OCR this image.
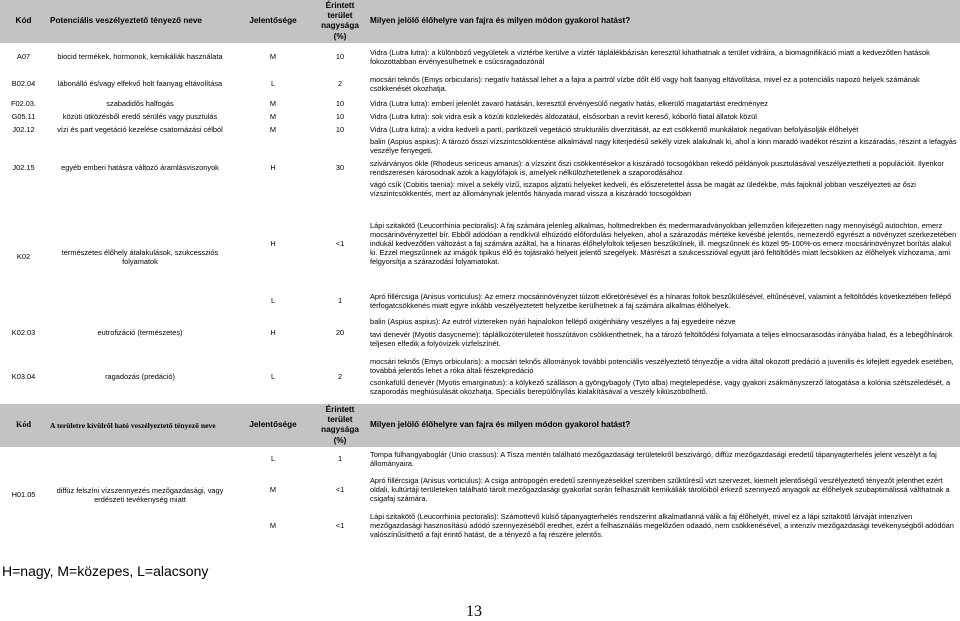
Kód	Potenciális veszélyeztető tényező neve	Jelentősége	Érintett
terület
nagysága (%)	Milyen jelölő élőhelyre van fajra és milyen módon gyakorol hatást?
A07	biocid termékek, hormonok, kemikáliák használata	M	10	Vidra (Lutra lutra): a különböző vegyületek a víztérbe kerülve a víztér táplálékbázisán keresztül kihathatnak a terület vidráira, a biomagnifikáció miatt a kedvezőtlen hatások fokozottabban érvényesülhetnek e csúcsragadozónál
B02.04	lábonálló és/vagy elfekvő holt faanyag eltávolítása	L	2	mocsári teknős (Emys orbicularis): negatív hatással lehet a a fajra a partról vízbe dőlt élő vagy holt faanyag eltávolítása, mivel ez a potenciális napozó helyek számának csökkenését okozhatja.
F02.03.	szabadidős halfogás	M	10	Vidra (Lutra lutra): emberi jelenlét zavaró hatásán, keresztül érvényesülő negatív hatás, elkerülő magatartást eredményez
G05.11	közúti ütközésből eredő sérülés vagy pusztulás	M	10	Vidra (Lutra lutra): sok vidra esik a közúti közlekedés áldozatául, elsősorban a revírt kereső, kóborló fiatal állatok közül
J02.12	vízi és part vegetáció kezelése csatornázási célból	M	10	Vidra (Lutra lutra): a vidra kedveli a partí, partközeli vegetáció strukturális diverzitását, az ezt csökkentő munkálatok negatívan befolyásolják élőhelyét
J02.15	egyéb emberi hatásra változó áramlásviszonyok	H	30	balin (Aspius aspius): A tározó ősszi vízszintcsökkentése alkalmával nagy kiterjedésű sekély vizek alakulnak ki, ahol a kinn maradó ivadékot részint a kiszáradás, részint a lefagyás veszélye fenyegeti.

szivárványos ökle (Rhodeus sericeus amarus): a vízszint őszi csökkentésekor a kiszáradó tocsogókban rekedő példányok pusztulásával veszélyeztetheti a populációit. Ilyenkor rendszeresen károsodnak azok a kagylófajok is, amelyek nélkülözhetetlenek a szaporodásához

vágó csík (Cobitis taenia): mivel a sekély vízű, iszapos aljzatú helyeket kedveli, és előszeretettel ássa be magát az üledékbe, más fajoknál jobban veszélyezteti az őszi vízszintcsökkentés, mert az állománynak jelentős hányada marad vissza a kiszáradó tocsogókban

K02	természetes élőhely átalakulások, szukcessziós folyamatok	H	<1	Lápi szitakötő (Leucorrhinia pectoralis): A faj számára jelenleg alkalmas, holtmedrekben és medermaradványokban jellemzően kifejezetten nagy mennyiségű autochton, emerz mocsárinövényzettel bír. Ebből adódóan a rendkívül elhúzódó előfordulási helyeken, ahol a szárazodás mértéke kevésbé jelentős, nemezerdő egyrészt a növényzet szerkezetében indukál kedvezőtlen változást a faj számára azáltal, ha a hinaras élőhelyfoltok teljesen beszűkülnek, ill. megszűnnek és közel 95-100%-os emerz mocsárinövényzet borítás alakul ki. Ezzel megszűnnek az imágók tipikus élő és tojásrakó helyeit jelentő szegélyek. Másrészt a szukcesszióval együtt járó feltöltődés miatt lecsökken az élőhelyek vízhozama, ami felgyorsítja a szárazodási folyamatokat.
		L	1	Apró fillércsiga (Anisus vorticulus): Az emerz mocsárinövényzet túlzott előretörésével és a hínaras foltok beszűkülésével, eltűnésével, valamint a feltöltődés következtében fellépő térfogatcsökkenés miatt egyre inkább veszélyeztetett helyzetbe kerülhetnek a faj számára alkalmas élőhelyek.
K02.03	eutrofizáció (természetes)	H	20	balin (Aspius aspius): Az eutróf víztereken nyári hajnalokon fellépő oxigénhiány veszélyes a faj egyedeire nézve

tavi denevér (Myotis dasycneme): táplálkozóterületeit hosszútávon csökkenthetnek, ha a tározó feltöltődési folyamata a teljes elmocsarasodás irányába halad, és a lebegőhínárok teljesen elfedik a folyóvizek vízfelszínét.

K03.04	ragadozás (predáció)	L	2	mocsári teknős (Emys orbicularis): a mocsári teknős állományok további potenciális veszélyeztető tényezője a vidra által okozott predáció a juvenilis és kifejlett egyedek esetében, továbbá jelentős lehet a róka általi fészekpredáció

csonkafülű denevér (Myotis emarginatus): a kölykező szálláson a gyöngybagoly (Tyto alba) megtelepedése, vagy gyakori zsákmányszerző látogatása a kolónia szétszéledését, a szaporodás meghiúsulását okozhatja. Speciális berepülőnyílás kialakításával a veszély kiküszöbölhető.

Kód	A területre kívülről ható veszélyeztető tényező neve	Jelentősége	Érintett
terület
nagysága (%)	Milyen jelölő élőhelyre van fajra és milyen módon gyakorol hatást?
H01.05	diffúz felszíni vízszennyezés mezőgazdasági, vagy erdészeti tevékenység miatt	L	1	Tompa fülhangyaboglár (Unio crassus): A Tisza mentén található mezőgazdasági területekről beszivárgó, diffúz mezőgazdasági eredetű tápanyagterhelés jelent veszélyt a faj állományaira.
		M	<1	Apró fillércsiga (Anisus vorticulus): A csiga antropogén eredetű szennyezésekkel szemben szűktűrésű vizt szervezet, kiemelt jelentőségű veszélyeztető tényezőt jelenthet ezért oldali, kultúrtáji területeken található tárolt mezőgazdasági gyakorlat során felhasznált kemikáliák tárolóiból érkező szennyező anyagok az élőhelyek szubaptimálissá válthatnak a csigafaj számára.
		M	<1	Lápi szitakötő (Leucorrhinia pectoralis): Számottevő külső tápanyagterhelés rendszerint alkalmatlanná válik a faj élőhelyét, mivel ez a lápi szitakötő lárváját intenzíven mezőgazdasági hasznosítású adódó szennyezéséből eredhet, ezért a felhasználás megelőzően odaadó, nem csökkenésével, a intenzív mezőgazdasági tevékenységből adódóan valószínűsíthető a fajt érintő hatást, de a tényező a faj részére jelentős.
H=nagy, M=közepes, L=alacsony
13
